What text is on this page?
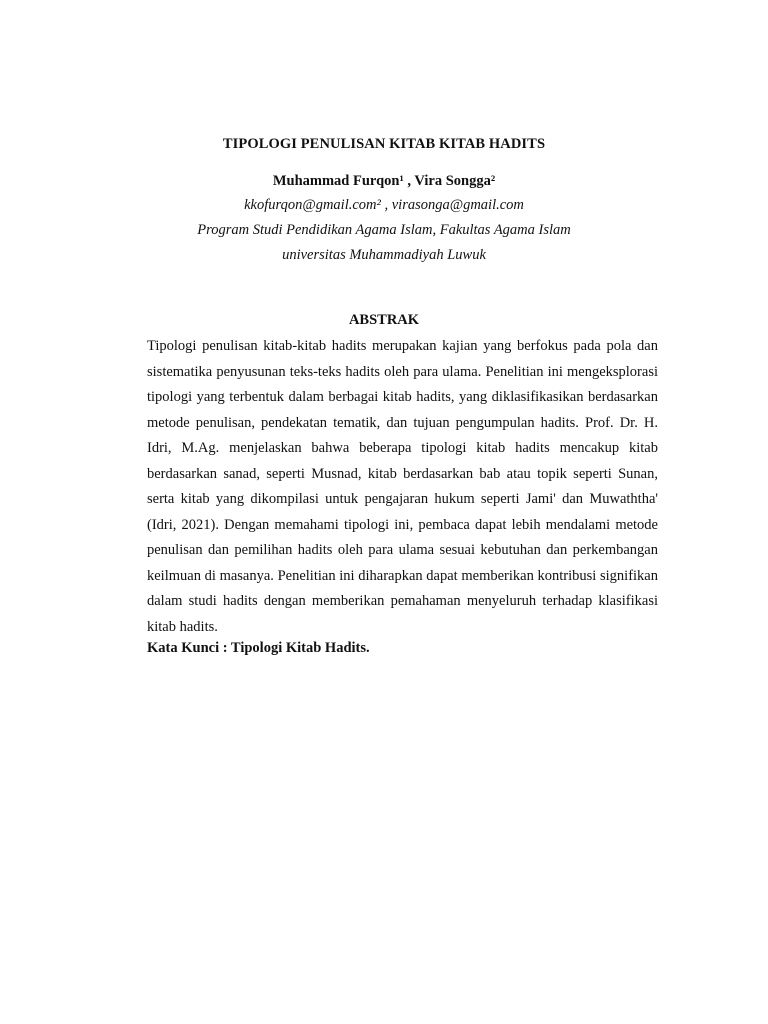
TIPOLOGI PENULISAN KITAB KITAB HADITS
Muhammad Furqon¹ , Vira Songga²
kkofurqon@gmail.com² , virasonga@gmail.com
Program Studi Pendidikan Agama Islam, Fakultas Agama Islam
universitas Muhammadiyah Luwuk
ABSTRAK

Tipologi penulisan kitab-kitab hadits merupakan kajian yang berfokus pada pola dan sistematika penyusunan teks-teks hadits oleh para ulama. Penelitian ini mengeksplorasi tipologi yang terbentuk dalam berbagai kitab hadits, yang diklasifikasikan berdasarkan metode penulisan, pendekatan tematik, dan tujuan pengumpulan hadits. Prof. Dr. H. Idri, M.Ag. menjelaskan bahwa beberapa tipologi kitab hadits mencakup kitab berdasarkan sanad, seperti Musnad, kitab berdasarkan bab atau topik seperti Sunan, serta kitab yang dikompilasi untuk pengajaran hukum seperti Jami' dan Muwaththa' (Idri, 2021). Dengan memahami tipologi ini, pembaca dapat lebih mendalami metode penulisan dan pemilihan hadits oleh para ulama sesuai kebutuhan dan perkembangan keilmuan di masanya. Penelitian ini diharapkan dapat memberikan kontribusi signifikan dalam studi hadits dengan memberikan pemahaman menyeluruh terhadap klasifikasi kitab hadits.

Kata Kunci : Tipologi Kitab Hadits.
